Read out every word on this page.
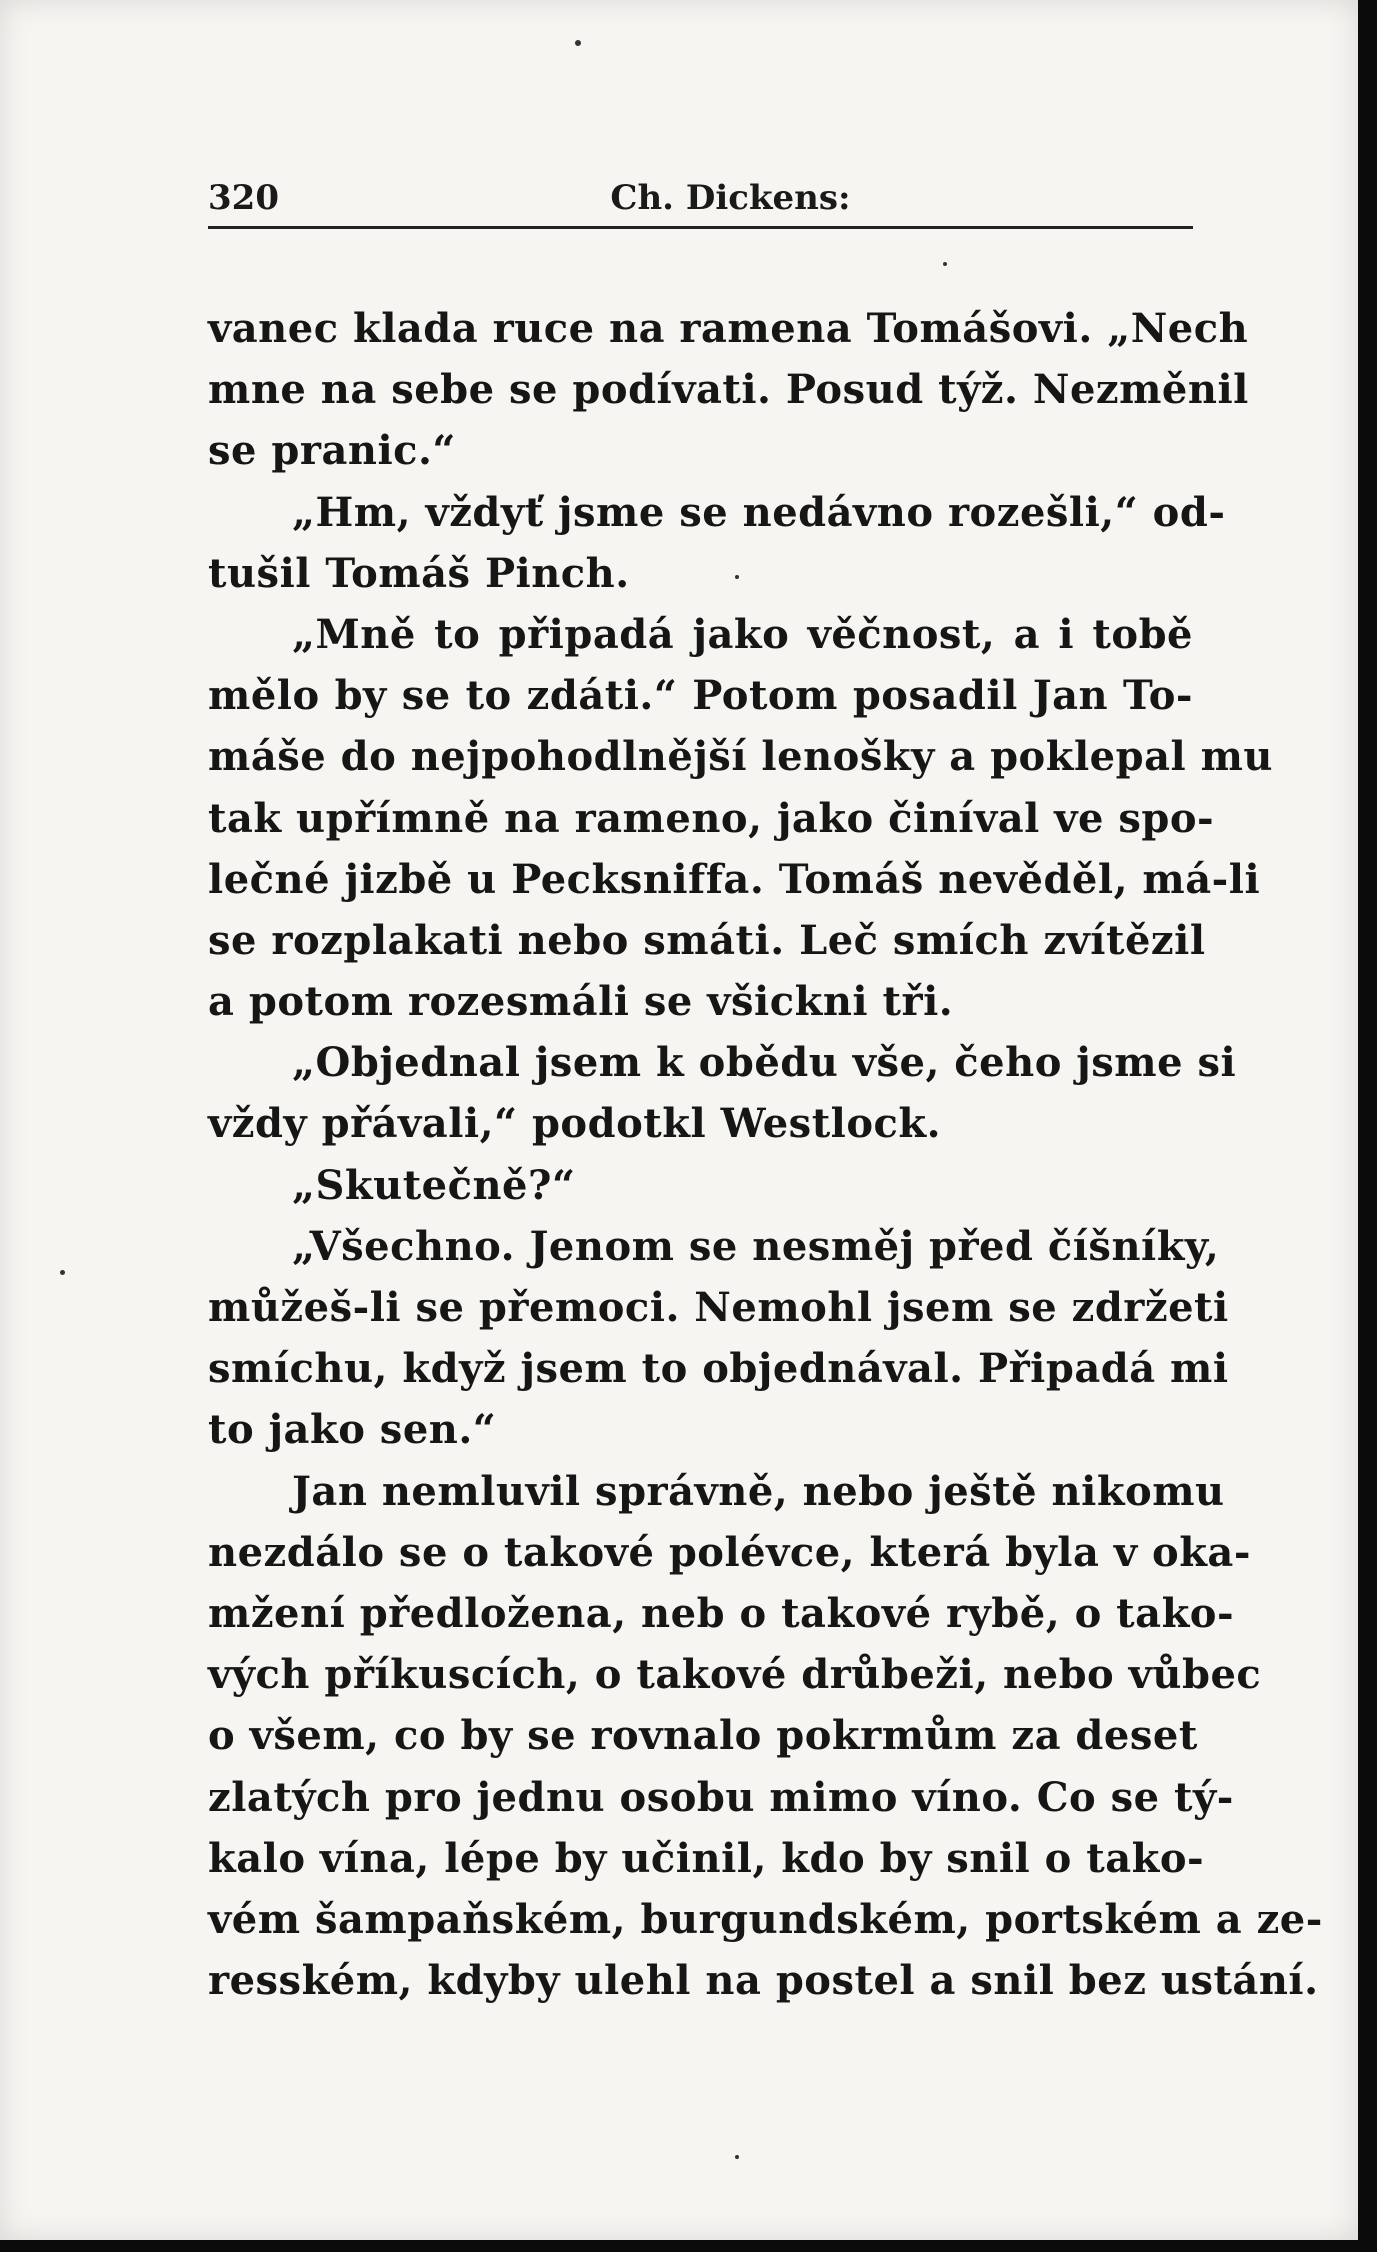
320	Ch. Dickens:
vanec klada ruce na ramena Tomášovi. „Nech
mne na sebe se podívati. Posud týž. Nezměnil
se pranic.“
„Hm, vždyť jsme se nedávno rozešli,“ od-
tušil Tomáš Pinch.
„Mně to připadá jako věčnost, a i tobě
mělo by se to zdáti.“ Potom posadil Jan To-
máše do nejpohodlnější lenošky a poklepal mu
tak upřímně na rameno, jako činíval ve spo-
lečné jizbě u Pecksniffa. Tomáš nevěděl, má-li
se rozplakati nebo smáti. Leč smích zvítězil
a potom rozesmáli se všickni tři.
„Objednal jsem k obědu vše, čeho jsme si
vždy přávali,“ podotkl Westlock.
„Skutečně?“
„Všechno. Jenom se nesměj před číšníky,
můžeš-li se přemoci. Nemohl jsem se zdržeti
smíchu, když jsem to objednával. Připadá mi
to jako sen.“
Jan nemluvil správně, nebo ještě nikomu
nezdálo se o takové polévce, která byla v oka-
mžení předložena, neb o takové rybě, o tako-
vých příkuscích, o takové drůbeži, nebo vůbec
o všem, co by se rovnalo pokrmům za deset
zlatých pro jednu osobu mimo víno. Co se tý-
kalo vína, lépe by učinil, kdo by snil o tako-
vém šampaňském, burgundském, portském a ze-
resském, kdyby ulehl na postel a snil bez ustání.
